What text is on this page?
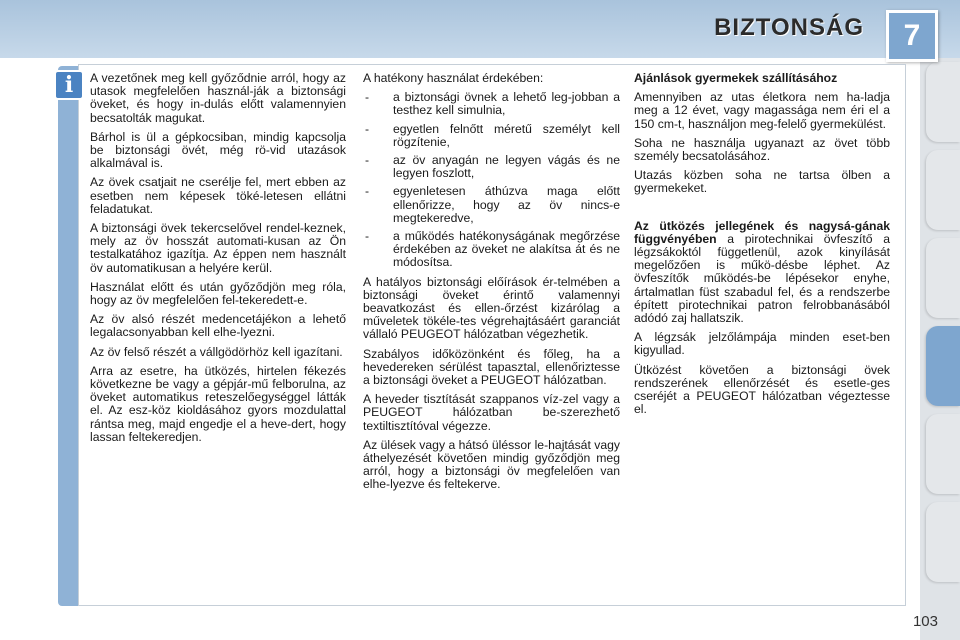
BIZTONSÁG	7
i	A vezetőnek meg kell győződnie arról, hogy az utasok megfelelően használ-ják a biztonsági öveket, és hogy in-dulás előtt valamennyien becsatolták magukat.

Bárhol is ül a gépkocsiban, mindig kapcsolja be biztonsági övét, még rö-vid utazások alkalmával is.

Az övek csatjait ne cserélje fel, mert ebben az esetben nem képesek töké-letesen ellátni feladatukat.

A biztonsági övek tekercselővel rendel-keznek, mely az öv hosszát automati-kusan az Ön testalkatához igazítja. Az éppen nem használt öv automatikusan a helyére kerül.

Használat előtt és után győződjön meg róla, hogy az öv megfelelően fel-tekeredett-e.

Az öv alsó részét medencetájékon a lehető legalacsonyabban kell elhe-lyezni.

Az öv felső részét a vállgödörhöz kell igazítani.

Arra az esetre, ha ütközés, hirtelen fékezés következne be vagy a gépjár-mű felborulna, az öveket automatikus reteszelőegységgel látták el. Az esz-köz kioldásához gyors mozdulattal rántsa meg, majd engedje el a heve-dert, hogy lassan feltekeredjen.

A hatékony használat érdekében:

- a biztonsági övnek a lehető leg-jobban a testhez kell simulnia,
- egyetlen felnőtt méretű személyt kell rögzítenie,
- az öv anyagán ne legyen vágás és ne legyen foszlott,
- egyenletesen áthúzva maga előtt ellenőrizze, hogy az öv nincs-e megtekeredve,
- a működés hatékonyságának megőrzése érdekében az öveket ne alakítsa át és ne módosítsa.

A hatályos biztonsági előírások ér-telmében a biztonsági öveket érintő valamennyi beavatkozást és ellen-őrzést kizárólag a műveletek tökéle-tes végrehajtásáért garanciát vállaló PEUGEOT hálózatban végezhetik.

Szabályos időközönként és főleg, ha a hevedereken sérülést tapasztal, ellenőriztesse a biztonsági öveket a PEUGEOT hálózatban.

A heveder tisztítását szappanos víz-zel vagy a PEUGEOT hálózatban be-szerezhető textiltisztítóval végezze.

Az ülések vagy a hátsó üléssor le-hajtását vagy áthelyezését követően mindig győződjön meg arról, hogy a biztonsági öv megfelelően van elhe-lyezve és feltekerve.

Ajánlások gyermekek szállításához

Amennyiben az utas életkora nem ha-ladja meg a 12 évet, vagy magassága nem éri el a 150 cm-t, használjon meg-felelő gyermekülést.

Soha ne használja ugyanazt az övet több személy becsatolásához.

Utazás közben soha ne tartsa ölben a gyermekeket.

Az ütközés jellegének és nagysá-gának függvényében a pirotechnikai övfeszítő a légzsákoktól függetlenül, azok kinyílását megelőzően is műkö-désbe léphet. Az övfeszítők működés-be lépésekor enyhe, ártalmatlan füst szabadul fel, és a rendszerbe épített pirotechnikai patron felrobbanásából adódó zaj hallatszik.

A légzsák jelzőlámpája minden eset-ben kigyullad.

Ütközést követően a biztonsági övek rendszerének ellenőrzését és esetle-ges cseréjét a PEUGEOT hálózatban végeztesse el.

103
